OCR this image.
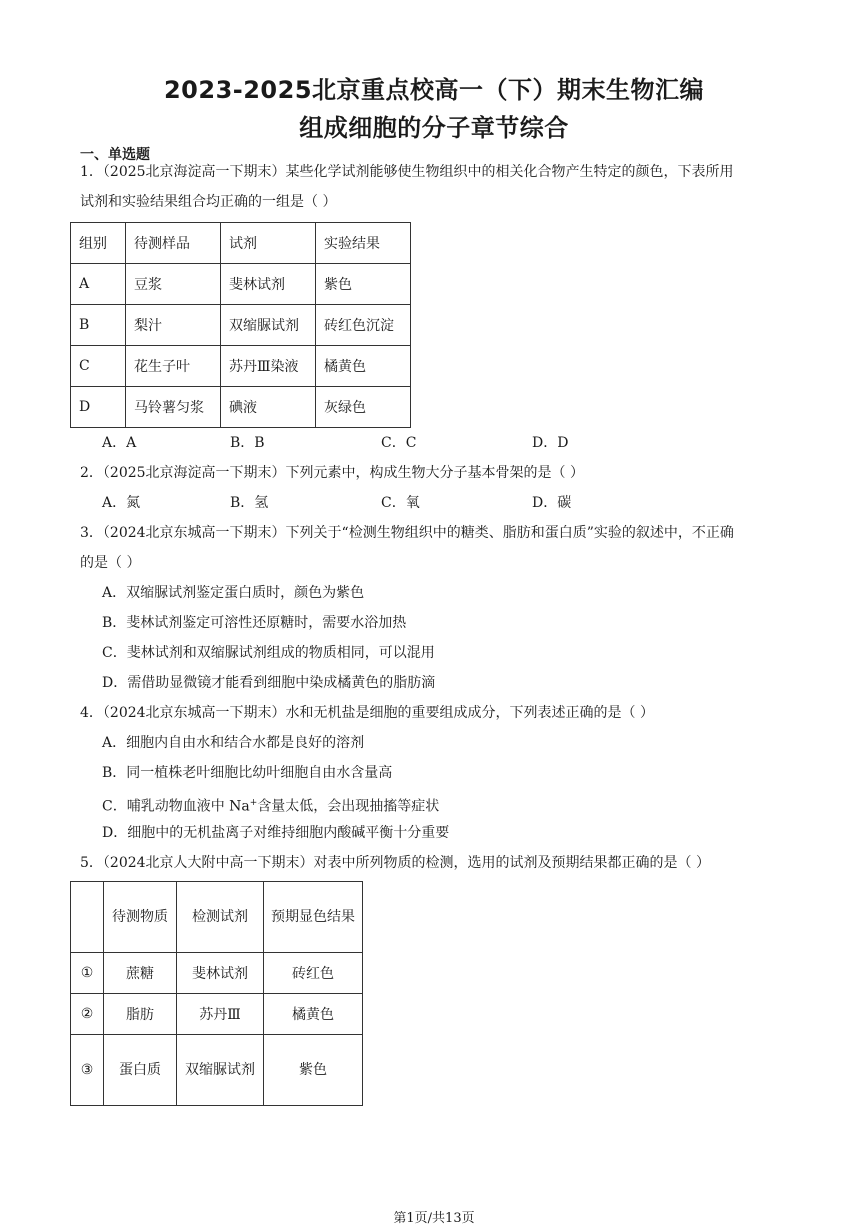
2023-2025北京重点校高一（下）期末生物汇编
组成细胞的分子章节综合
一、单选题
1．（2025北京海淀高一下期末）某些化学试剂能够使生物组织中的相关化合物产生特定的颜色，下表所用
试剂和实验结果组合均正确的一组是（ ）
组别	待测样品	试剂	实验结果
A	豆浆	斐林试剂	紫色
B	梨汁	双缩脲试剂	砖红色沉淀
C	花生子叶	苏丹Ⅲ染液	橘黄色
D	马铃薯匀浆	碘液	灰绿色
A．A	B．B	C．C	D．D
2．（2025北京海淀高一下期末）下列元素中，构成生物大分子基本骨架的是（ ）
A．氮	B．氢	C．氧	D．碳
3．（2024北京东城高一下期末）下列关于“检测生物组织中的糖类、脂肪和蛋白质”实验的叙述中，不正确
的是（ ）
A．双缩脲试剂鉴定蛋白质时，颜色为紫色
B．斐林试剂鉴定可溶性还原糖时，需要水浴加热
C．斐林试剂和双缩脲试剂组成的物质相同，可以混用
D．需借助显微镜才能看到细胞中染成橘黄色的脂肪滴
4．（2024北京东城高一下期末）水和无机盐是细胞的重要组成成分，下列表述正确的是（ ）
A．细胞内自由水和结合水都是良好的溶剂
B．同一植株老叶细胞比幼叶细胞自由水含量高
C．哺乳动物血液中 Na+含量太低，会出现抽搐等症状
D．细胞中的无机盐离子对维持细胞内酸碱平衡十分重要
5．（2024北京人大附中高一下期末）对表中所列物质的检测，选用的试剂及预期结果都正确的是（ ）
	待测物质	检测试剂	预期显色结果
①	蔗糖	斐林试剂	砖红色
②	脂肪	苏丹Ⅲ	橘黄色
③	蛋白质	双缩脲试剂	紫色
第1页/共13页
